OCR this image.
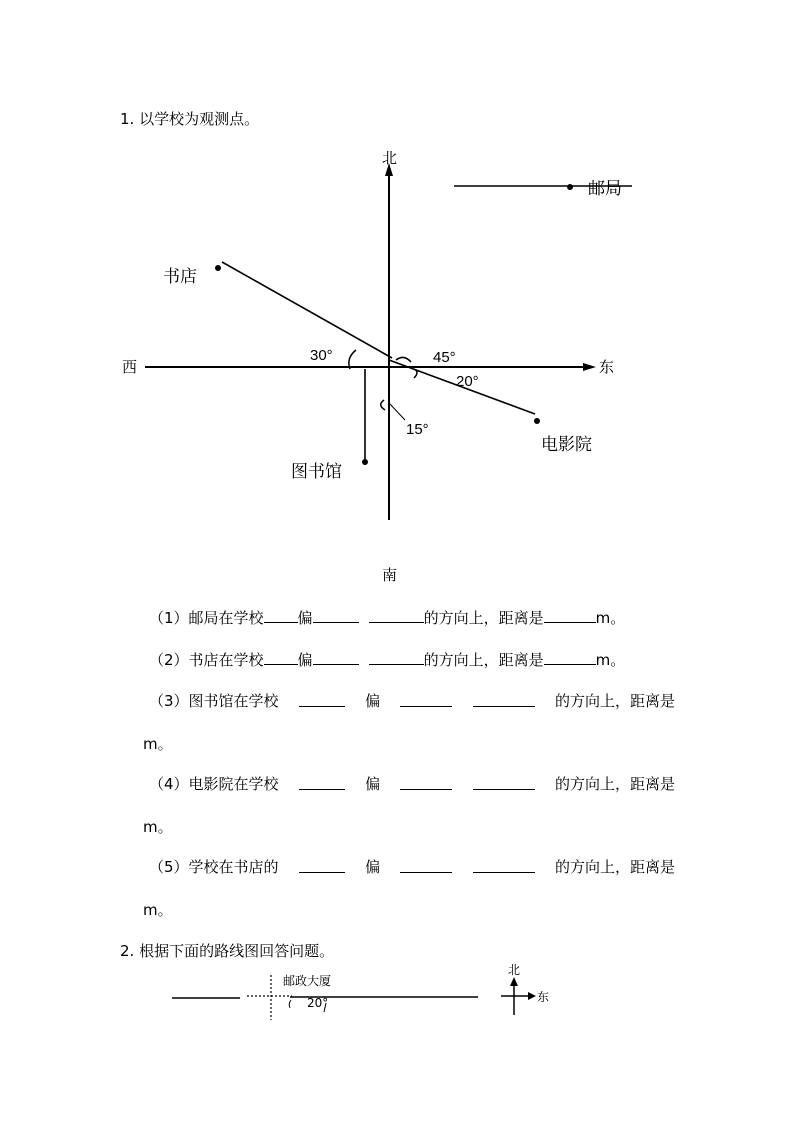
1. 以学校为观测点。
北
南
东
西
邮局
书店
图书馆
电影院
30°	45°
20°
15°
（1）邮局在学校 偏	的方向上，距离是	m。
（2）书店在学校 偏	的方向上，距离是	m。
（3）图书馆在学校	偏	的方向上，距离是
m。
（4）电影院在学校	偏	的方向上，距离是
m。
（5）学校在书店的	偏	的方向上，距离是
m。
2. 根据下面的路线图回答问题。
邮政大厦
20°
北
东
